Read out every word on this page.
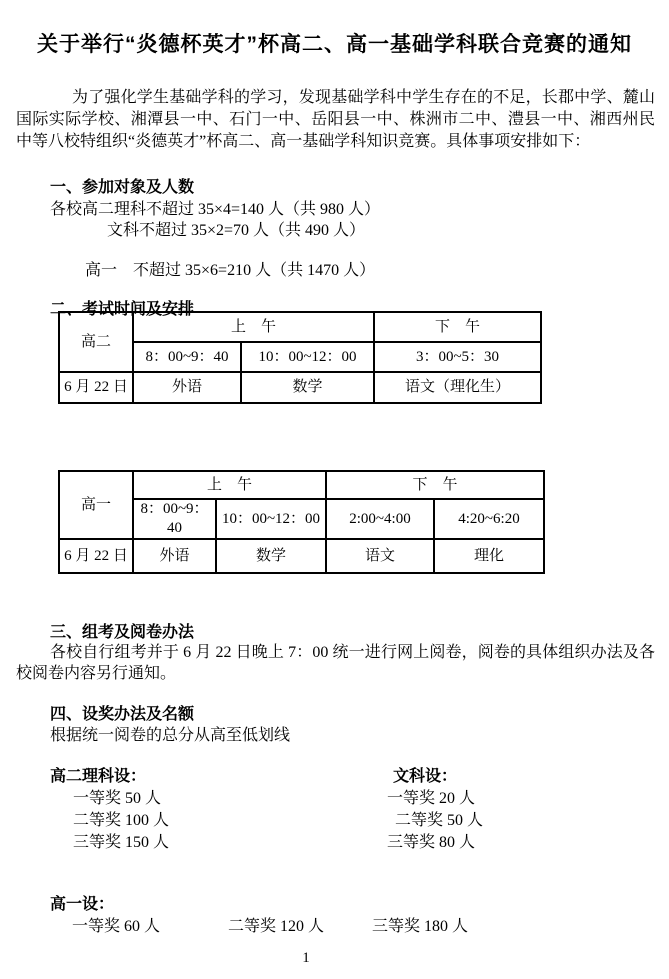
关于举行“炎德杯英才”杯高二、高一基础学科联合竞赛的通知
为了强化学生基础学科的学习，发现基础学科中学生存在的不足，长郡中学、麓山国际实际学校、湘潭县一中、石门一中、岳阳县一中、株洲市二中、澧县一中、湘西州民中等八校特组织“炎德英才”杯高二、高一基础学科知识竞赛。具体事项安排如下：
一、参加对象及人数
各校高二理科不超过 35×4=140 人（共 980 人）
文科不超过 35×2=70 人（共 490 人）
高一 不超过 35×6=210 人（共 1470 人）
二、考试时间及安排
高二	上　午		下　午
	8：00~9：40	10：00~12：00	3：00~5：30
6 月 22 日	外语	数学	语文（理化生）
高一	上　午		下　午	
	8：00~9：40	10：00~12：00	2:00~4:00	4:20~6:20
6 月 22 日	外语	数学	语文	理化
三、组考及阅卷办法
各校自行组考并于 6 月 22 日晚上 7：00 统一进行网上阅卷，阅卷的具体组织办法及各校阅卷内容另行通知。
四、设奖办法及名额
根据统一阅卷的总分从高至低划线
高二理科设：
一等奖 50 人
二等奖 100 人
三等奖 150 人
文科设：
一等奖 20 人
二等奖 50 人
三等奖 80 人
高一设：
一等奖 60 人	二等奖 120 人	三等奖 180 人
1
